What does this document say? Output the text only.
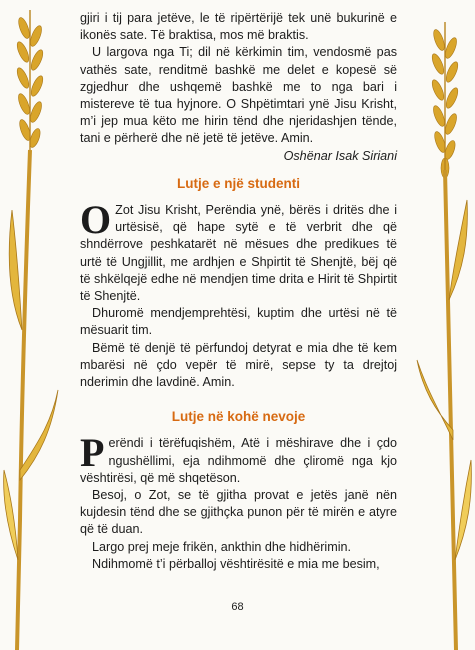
gjiri i tij para jetëve, le të ripërtërijë tek unë bukurinë e ikonës sate. Të braktisa, mos më braktis.

U largova nga Ti; dil në kërkimin tim, vendosmë pas vathës sate, renditmë bashkë me delet e kopesë së zgjedhur dhe ushqemë bashkë me to nga bari i mistereve të tua hyjnore. O Shpëtimtari ynë Jisu Krisht, m’i jep mua këto me hirin tënd dhe njeridashjen tënde, tani e përherë dhe në jetë të jetëve. Amin.

Oshënar Isak Siriani

Lutje e një studenti

O Zot Jisu Krisht, Perëndia ynë, bërës i dritës dhe i urtësisë, që hape sytë e të verbrit dhe që shndërrove peshkatarët në mësues dhe predikues të urtë të Ungjillit, me ardhjen e Shpirtit të Shenjtë, bëj që të shkëlqejë edhe në mendjen time drita e Hirit të Shpirtit të Shenjtë.

Dhuromë mendjemprehtësi, kuptim dhe urtësi në të mësuarit tim.

Bëmë të denjë të përfundoj detyrat e mia dhe të kem mbarësi në çdo vepër të mirë, sepse ty ta drejtoj nderimin dhe lavdinë. Amin.

Lutje në kohë nevoje

Perëndi i tërëfuqishëm, Atë i mëshirave dhe i çdo ngushëllimi, eja ndihmomë dhe çliromë nga kjo vështirësi, që më shqetëson.

Besoj, o Zot, se të gjitha provat e jetës janë nën kujdesin tënd dhe se gjithçka punon për të mirën e atyre që të duan.

Largo prej meje frikën, ankthin dhe hidhërimin.

Ndihmomë t’i përballoj vështirësitë e mia me besim,

68
